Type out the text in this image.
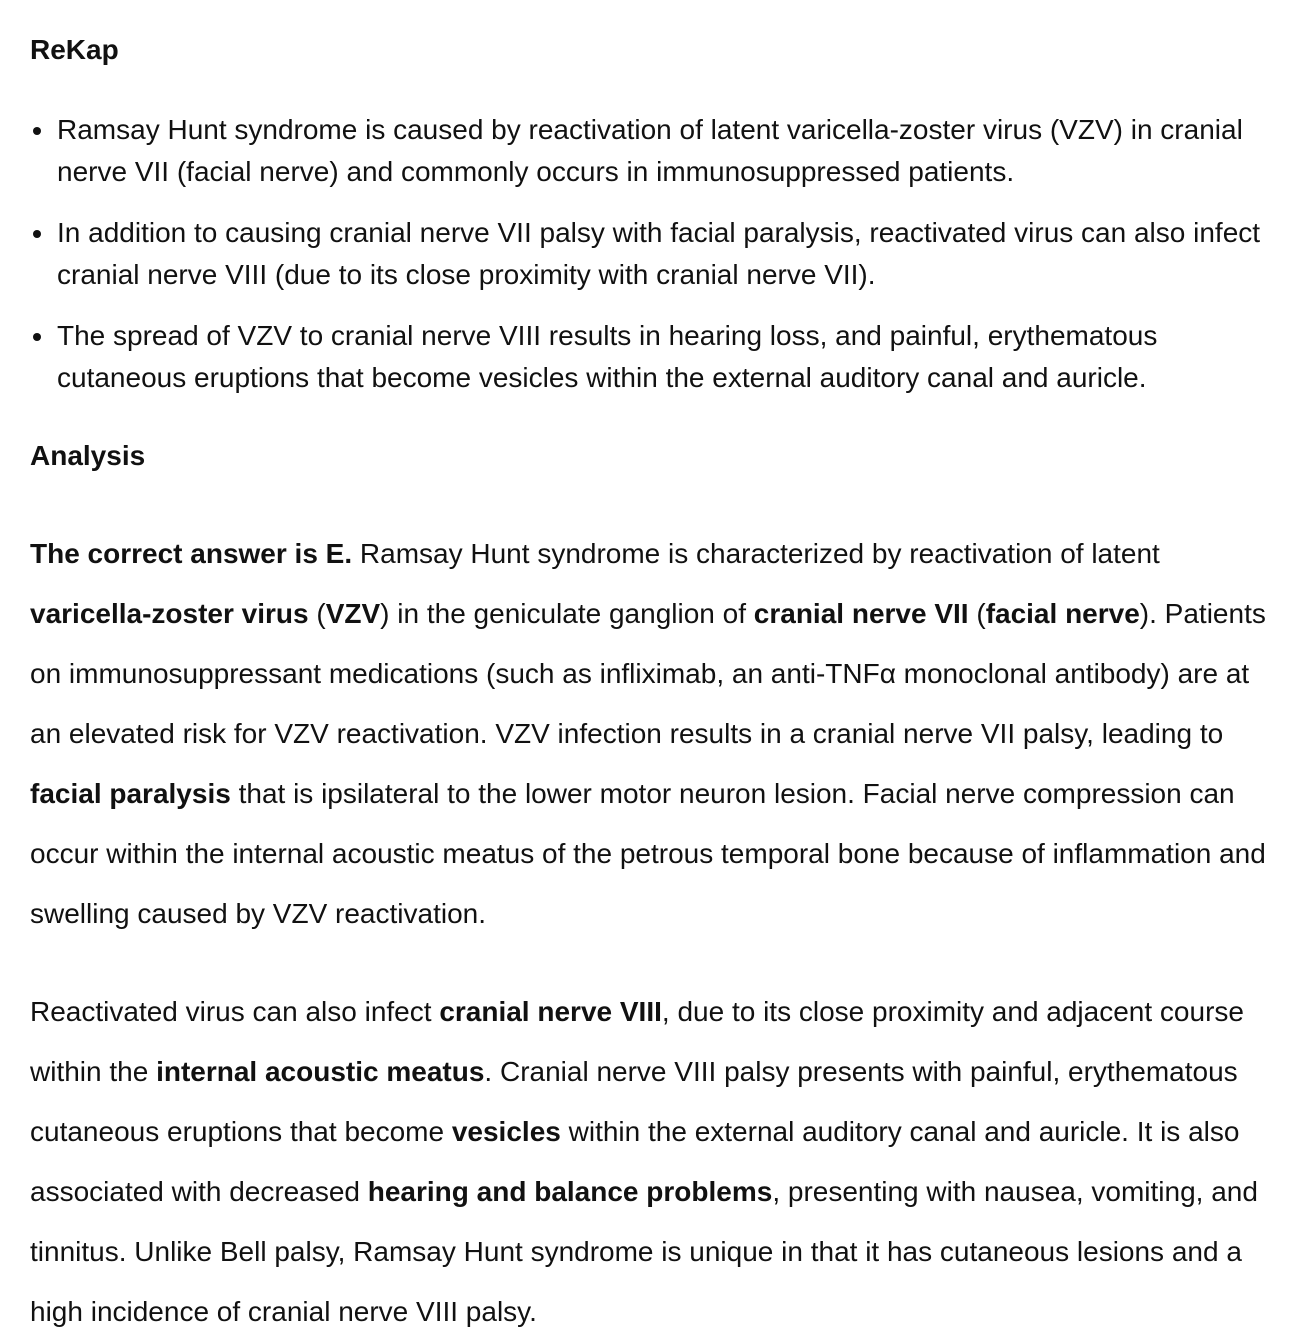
ReKap
Ramsay Hunt syndrome is caused by reactivation of latent varicella-zoster virus (VZV) in cranial nerve VII (facial nerve) and commonly occurs in immunosuppressed patients.
In addition to causing cranial nerve VII palsy with facial paralysis, reactivated virus can also infect cranial nerve VIII (due to its close proximity with cranial nerve VII).
The spread of VZV to cranial nerve VIII results in hearing loss, and painful, erythematous cutaneous eruptions that become vesicles within the external auditory canal and auricle.
Analysis

The correct answer is E. Ramsay Hunt syndrome is characterized by reactivation of latent varicella-zoster virus (VZV) in the geniculate ganglion of cranial nerve VII (facial nerve). Patients on immunosuppressant medications (such as infliximab, an anti-TNFα monoclonal antibody) are at an elevated risk for VZV reactivation. VZV infection results in a cranial nerve VII palsy, leading to facial paralysis that is ipsilateral to the lower motor neuron lesion. Facial nerve compression can occur within the internal acoustic meatus of the petrous temporal bone because of inflammation and swelling caused by VZV reactivation.

Reactivated virus can also infect cranial nerve VIII, due to its close proximity and adjacent course within the internal acoustic meatus. Cranial nerve VIII palsy presents with painful, erythematous cutaneous eruptions that become vesicles within the external auditory canal and auricle. It is also associated with decreased hearing and balance problems, presenting with nausea, vomiting, and tinnitus. Unlike Bell palsy, Ramsay Hunt syndrome is unique in that it has cutaneous lesions and a high incidence of cranial nerve VIII palsy.
